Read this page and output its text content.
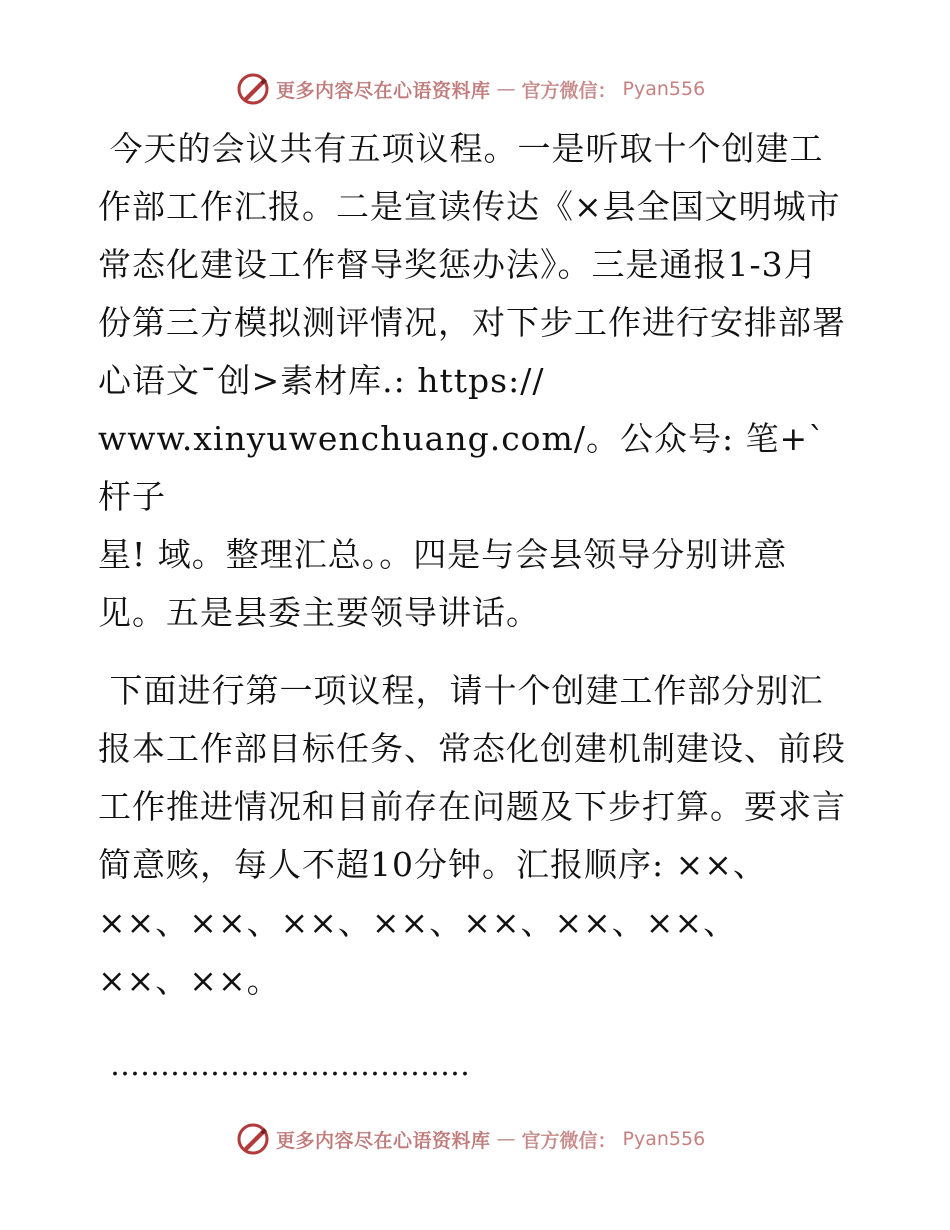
更多内容尽在心语资料库 — 官方微信： Pyan556
今天的会议共有五项议程。一是听取十个创建工
作部工作汇报。二是宣读传达《×县全国文明城市
常态化建设工作督导奖惩办法》。三是通报1-3月
份第三方模拟测评情况，对下步工作进行安排部署
心语文¯创>素材库.: https://
www.xinyuwenchuang.com/。公众号: 笔+`杆子
星! 域。整理汇总。。四是与会县领导分别讲意
见。五是县委主要领导讲话。
下面进行第一项议程，请十个创建工作部分别汇
报本工作部目标任务、常态化创建机制建设、前段
工作推进情况和目前存在问题及下步打算。要求言
简意赅，每人不超10分钟。汇报顺序: ××、
××、××、××、××、××、××、××、
××、××。
………………………………
更多内容尽在心语资料库 — 官方微信： Pyan556
